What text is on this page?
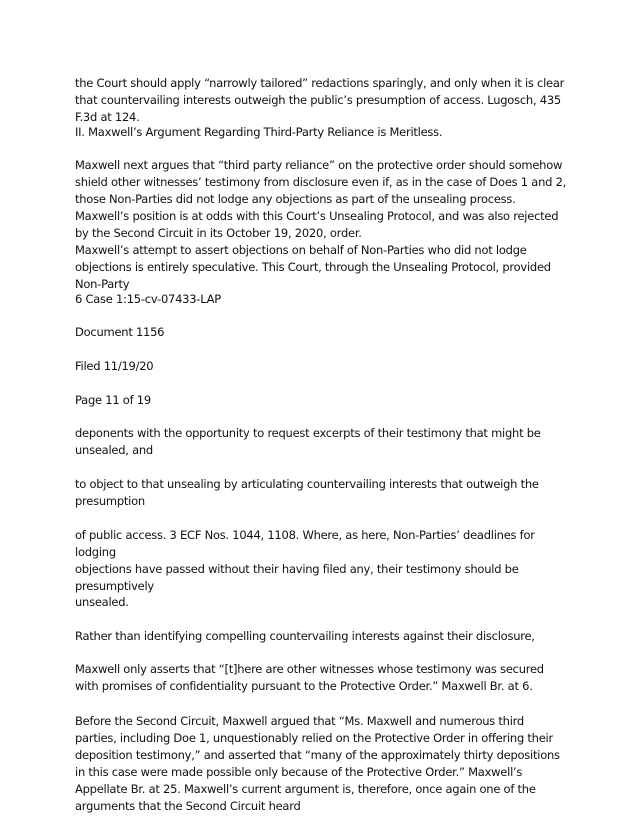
the Court should apply “narrowly tailored” redactions sparingly, and only when it is clear that countervailing interests outweigh the public’s presumption of access. Lugosch, 435 F.3d at 124.

II. Maxwell’s Argument Regarding Third-Party Reliance is Meritless.

Maxwell next argues that “third party reliance” on the protective order should somehow shield other witnesses’ testimony from disclosure even if, as in the case of Does 1 and 2, those Non-Parties did not lodge any objections as part of the unsealing process. Maxwell’s position is at odds with this Court’s Unsealing Protocol, and was also rejected by the Second Circuit in its October 19, 2020, order.

Maxwell’s attempt to assert objections on behalf of Non-Parties who did not lodge objections is entirely speculative. This Court, through the Unsealing Protocol, provided Non-Party

6 Case 1:15-cv-07433-LAP

Document 1156

Filed 11/19/20

Page 11 of 19

deponents with the opportunity to request excerpts of their testimony that might be unsealed, and

to object to that unsealing by articulating countervailing interests that outweigh the presumption

of public access. 3 ECF Nos. 1044, 1108. Where, as here, Non-Parties’ deadlines for lodging

objections have passed without their having filed any, their testimony should be presumptively

unsealed.

Rather than identifying compelling countervailing interests against their disclosure,

Maxwell only asserts that “[t]here are other witnesses whose testimony was secured with promises of confidentiality pursuant to the Protective Order.” Maxwell Br. at 6.

Before the Second Circuit, Maxwell argued that “Ms. Maxwell and numerous third parties, including Doe 1, unquestionably relied on the Protective Order in offering their deposition testimony,” and asserted that “many of the approximately thirty depositions in this case were made possible only because of the Protective Order.” Maxwell’s Appellate Br. at 25. Maxwell’s current argument is, therefore, once again one of the arguments that the Second Circuit heard
